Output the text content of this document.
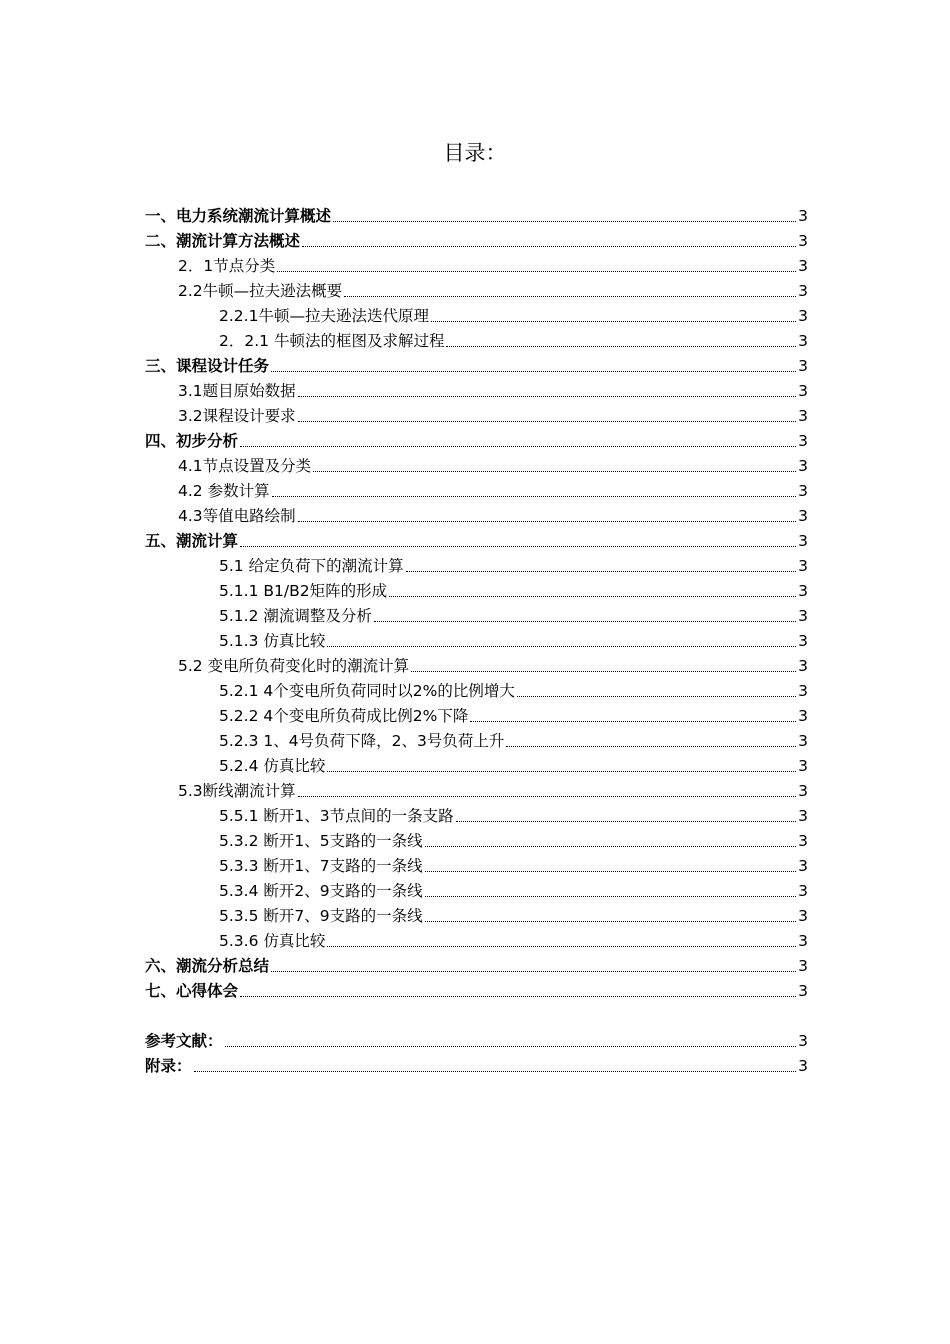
目录：
一、电力系统潮流计算概述	3
二、潮流计算方法概述	3
2．1节点分类	3
2.2牛顿—拉夫逊法概要	3
2.2.1牛顿—拉夫逊法迭代原理	3
2．2.1 牛顿法的框图及求解过程	3
三、课程设计任务	3
3.1题目原始数据	3
3.2课程设计要求	3
四、初步分析	3
4.1节点设置及分类	3
4.2 参数计算	3
4.3等值电路绘制	3
五、潮流计算	3
5.1 给定负荷下的潮流计算	3
5.1.1 B1/B2矩阵的形成	3
5.1.2 潮流调整及分析	3
5.1.3 仿真比较	3
5.2 变电所负荷变化时的潮流计算	3
5.2.1 4个变电所负荷同时以2%的比例增大	3
5.2.2 4个变电所负荷成比例2%下降	3
5.2.3 1、4号负荷下降，2、3号负荷上升	3
5.2.4 仿真比较	3
5.3断线潮流计算	3
5.5.1 断开1、3节点间的一条支路	3
5.3.2 断开1、5支路的一条线	3
5.3.3 断开1、7支路的一条线	3
5.3.4 断开2、9支路的一条线	3
5.3.5 断开7、9支路的一条线	3
5.3.6 仿真比较	3
六、潮流分析总结	3
七、心得体会	3
参考文献：	3
附录：	3
